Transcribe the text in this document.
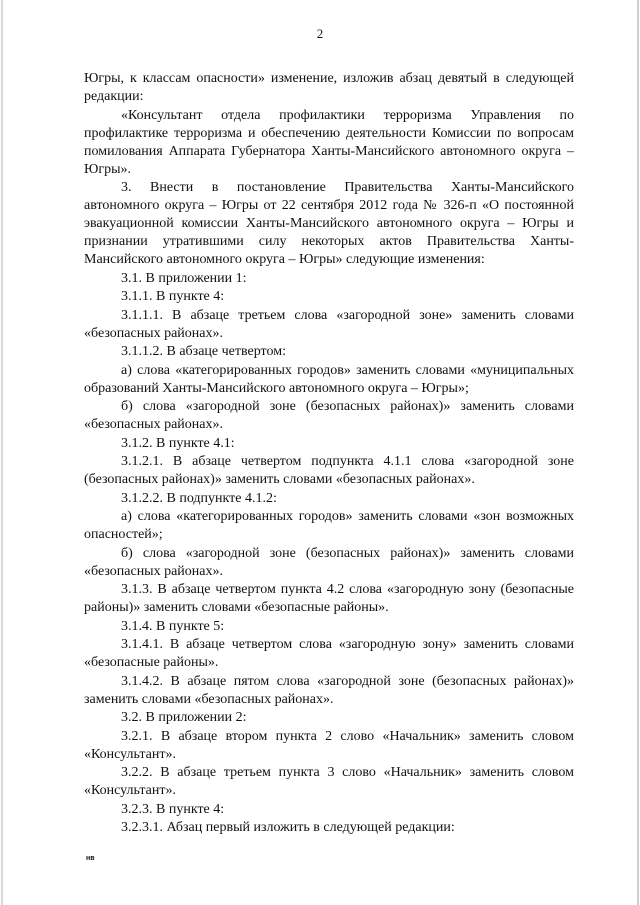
2

Югры, к классам опасности» изменение, изложив абзац девятый в следующей редакции:

«Консультант отдела профилактики терроризма Управления по профилактике терроризма и обеспечению деятельности Комиссии по вопросам помилования Аппарата Губернатора Ханты-Мансийского автономного округа – Югры».

3. Внести в постановление Правительства Ханты-Мансийского автономного округа – Югры от 22 сентября 2012 года № 326-п «О постоянной эвакуационной комиссии Ханты-Мансийского автономного округа – Югры и признании утратившими силу некоторых актов Правительства Ханты-Мансийского автономного округа – Югры» следующие изменения:

3.1. В приложении 1:

3.1.1. В пункте 4:

3.1.1.1. В абзаце третьем слова «загородной зоне» заменить словами «безопасных районах».

3.1.1.2. В абзаце четвертом:

а) слова «категорированных городов» заменить словами «муниципальных образований Ханты-Мансийского автономного округа – Югры»;

б) слова «загородной зоне (безопасных районах)» заменить словами «безопасных районах».

3.1.2. В пункте 4.1:

3.1.2.1. В абзаце четвертом подпункта 4.1.1 слова «загородной зоне (безопасных районах)» заменить словами «безопасных районах».

3.1.2.2. В подпункте 4.1.2:

а) слова «категорированных городов» заменить словами «зон возможных опасностей»;

б) слова «загородной зоне (безопасных районах)» заменить словами «безопасных районах».

3.1.3. В абзаце четвертом пункта 4.2 слова «загородную зону (безопасные районы)» заменить словами «безопасные районы».

3.1.4. В пункте 5:

3.1.4.1. В абзаце четвертом слова «загородную зону» заменить словами «безопасные районы».

3.1.4.2. В абзаце пятом слова «загородной зоне (безопасных районах)» заменить словами «безопасных районах».

3.2. В приложении 2:

3.2.1. В абзаце втором пункта 2 слово «Начальник» заменить словом «Консультант».

3.2.2. В абзаце третьем пункта 3 слово «Начальник» заменить словом «Консультант».

3.2.3. В пункте 4:

3.2.3.1. Абзац первый изложить в следующей редакции:

нв
